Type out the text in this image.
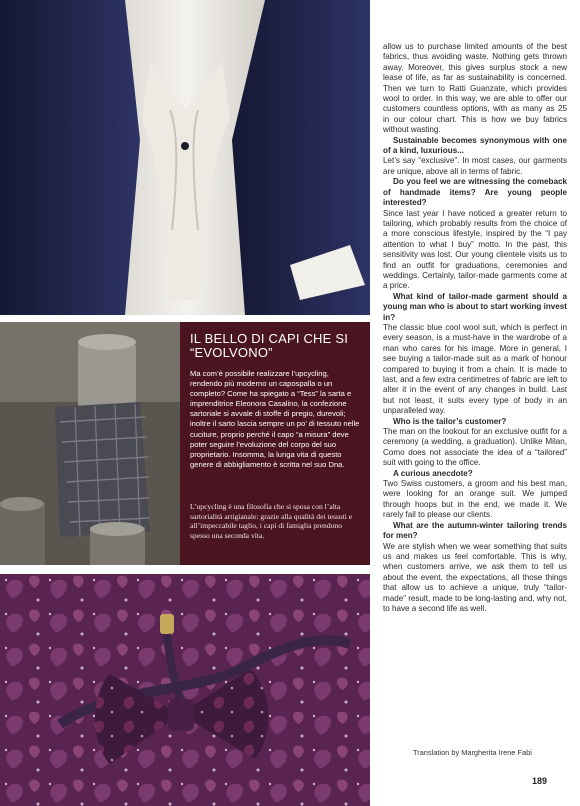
IL BELLO DI CAPI CHE SI “EVOLVONO”

Ma com’è possibile realizzare l’upcycling, rendendo più moderno un capospalla o un completo? Come ha spiegato a “Tess” la sarta e imprenditrice Eleonora Casalino, la confezione sartoriale si avvale di stoffe di pregio, durevoli; inoltre il sarto lascia sempre un po’ di tessuto nelle cuciture, proprio perché il capo “a misura” deve poter seguire l’evoluzione del corpo del suo proprietario. Insomma, la lunga vita di questo genere di abbigliamento è scritta nel suo Dna.

L’upcycling è una filosofia che si sposa con l’alta sartorialità artigianale: grazie alla qualità dei tessuti e all’impeccabile taglio, i capi di famiglia prendono spesso una seconda vita.

allow us to purchase limited amounts of the best fabrics, thus avoiding waste. Nothing gets thrown away. Moreover, this gives surplus stock a new lease of life, as far as sustainability is concerned. Then we turn to Ratti Guanzate, which provides wool to order. In this way, we are able to offer our customers countless options, with as many as 25 in our colour chart. This is how we buy fabrics without wasting.

Sustainable becomes synonymous with one of a kind, luxurious...

Let’s say “exclusive”. In most cases, our garments are unique, above all in terms of fabric.

Do you feel we are witnessing the comeback of handmade items? Are young people interested?

Since last year I have noticed a greater return to tailoring, which probably results from the choice of a more conscious lifestyle, inspired by the “I pay attention to what I buy” motto. In the past, this sensitivity was lost. Our young clientele visits us to find an outfit for graduations, ceremonies and weddings. Certainly, tailor-made garments come at a price.

What kind of tailor-made garment should a young man who is about to start working invest in?

The classic blue cool wool suit, which is perfect in every season, is a must-have in the wardrobe of a man who cares for his image. More in general, I see buying a tailor-made suit as a mark of honour compared to buying it from a chain. It is made to last, and a few extra centimetres of fabric are left to alter it in the event of any changes in build. Last but not least, it suits every type of body in an unparalleled way.

Who is the tailor’s customer?

The man on the lookout for an exclusive outfit for a ceremony (a wedding, a graduation). Unlike Milan, Como does not associate the idea of a “tailored” suit with going to the office.

A curious anecdote?

Two Swiss customers, a groom and his best man, were looking for an orange suit. We jumped through hoops but in the end, we made it. We rarely fail to please our clients.

What are the autumn-winter tailoring trends for men?

We are stylish when we wear something that suits us and makes us feel comfortable. This is why, when customers arrive, we ask them to tell us about the event, the expectations, all those things that allow us to achieve a unique, truly “tailor-made” result, made to be long-lasting and, why not, to have a second life as well.

Translation by Margherita Irene Fabi
189
